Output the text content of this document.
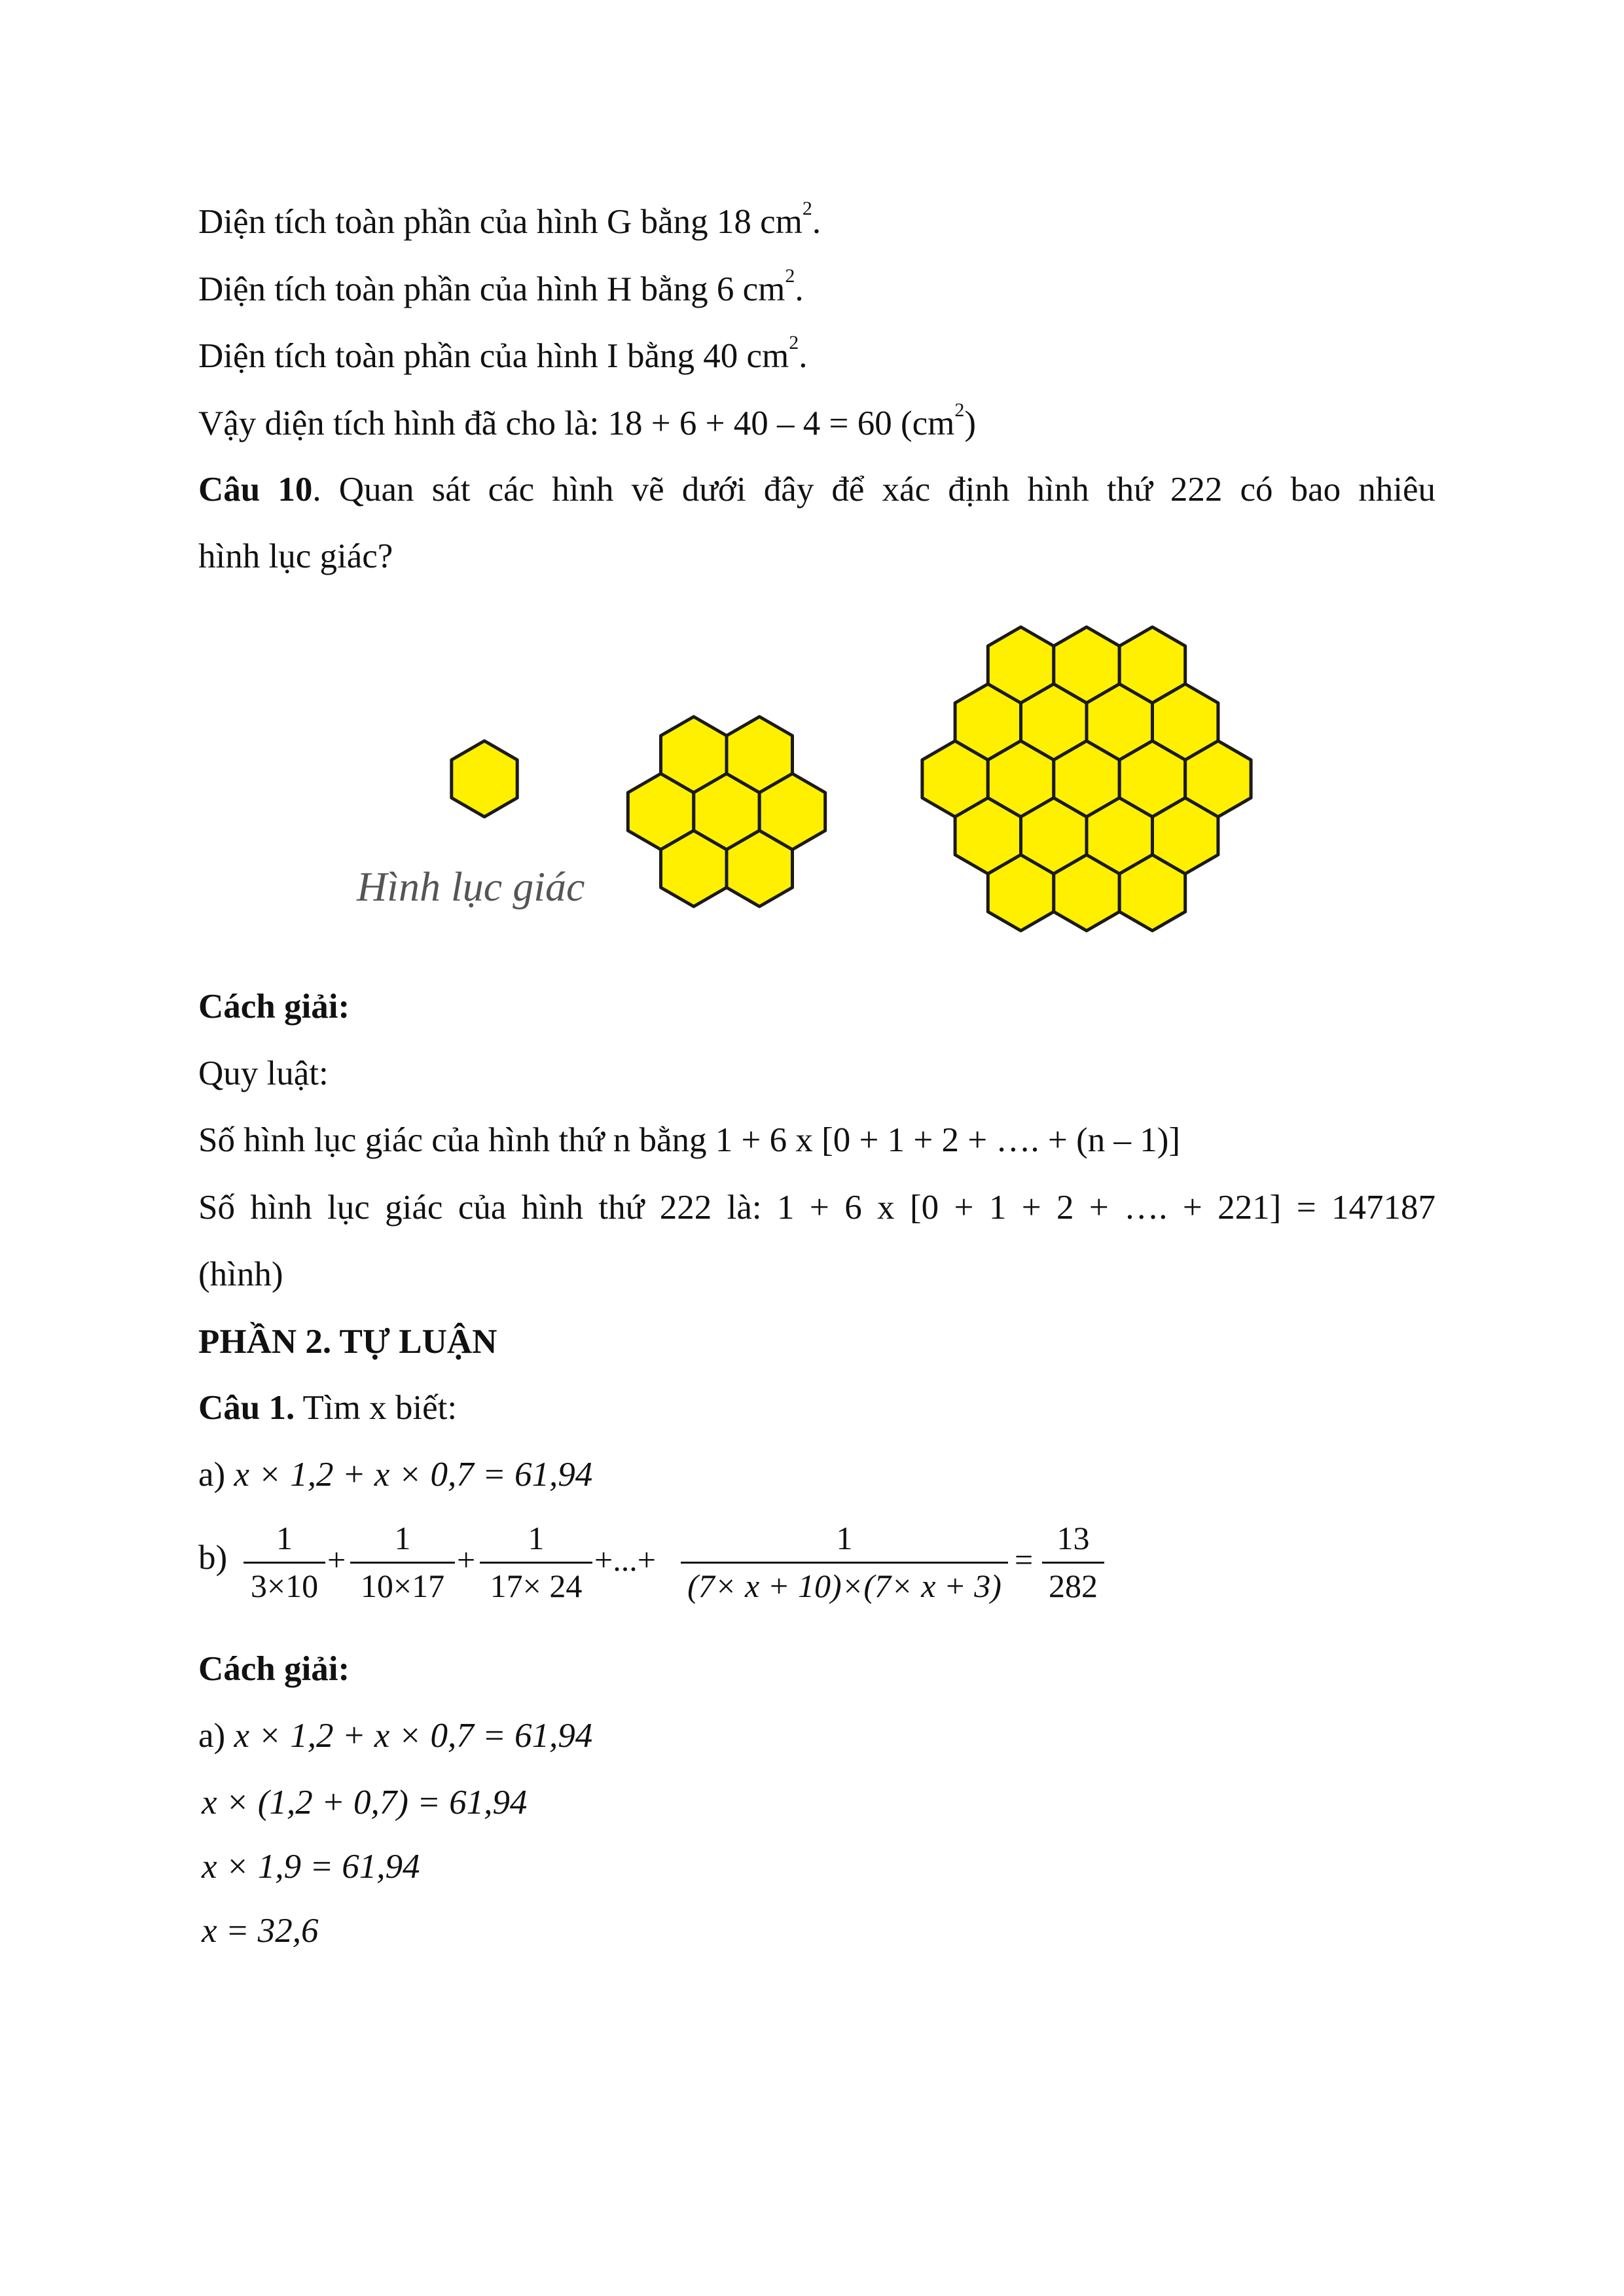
Diện tích toàn phần của hình G bằng 18 $cm^2$.
Diện tích toàn phần của hình H bằng 6 $cm^2$.
Diện tích toàn phần của hình I bằng 40 $cm^2$.
Vậy diện tích hình đã cho là: 18 + 6 + 40 – 4 = 60 $(cm^2)$
Câu 10. Quan sát các hình vẽ dưới đây để xác định hình thứ 222 có bao nhiêu
hình lục giác?
Hình lục giác
Cách giải:
Quy luật:
Số hình lục giác của hình thứ n bằng 1 + 6 x [0 + 1 + 2 + …. + (n – 1)]
Số hình lục giác của hình thứ 222 là: 1 + 6 x [0 + 1 + 2 + …. + 221] = 147187
(hình)
PHẦN 2. TỰ LUẬN
Câu 1. Tìm x biết:
a) x × 1,2 + x × 0,7 = 61,94
b)
1
3×10
+
1
10×17
+
1
17× 24
+...+
1
(7× x + 10)×(7× x + 3)
=
13
282
Cách giải:
a) x × 1,2 + x × 0,7 = 61,94
x × (1,2 + 0,7) = 61,94
x × 1,9 = 61,94
x = 32,6
